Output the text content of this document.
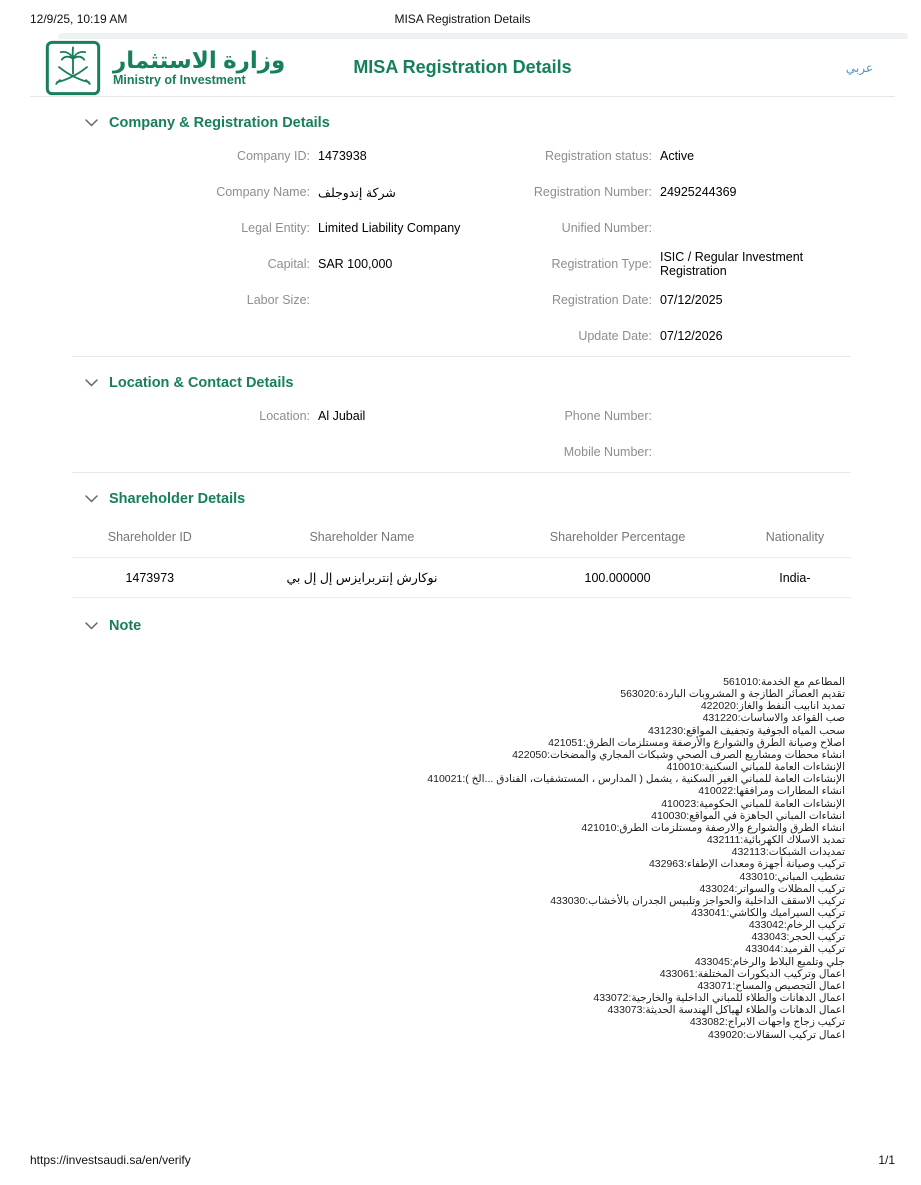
12/9/25, 10:19 AM	MISA Registration Details
وزارة الاستثمار
Ministry of Investment
MISA Registration Details	عربي
Company & Registration Details
Company ID: 1473938
Company Name: شركة إندوجلف
Legal Entity: Limited Liability Company
Capital: SAR 100,000
Labor Size:
Registration status: Active
Registration Number: 24925244369
Unified Number:
Registration Type: ISIC / Regular Investment Registration
Registration Date: 07/12/2025
Update Date: 07/12/2026
Location & Contact Details
Location: Al Jubail	Phone Number:
Mobile Number:
Shareholder Details
Shareholder ID	Shareholder Name	Shareholder Percentage	Nationality
1473973	نوكارش إنتربرايزس إل إل بي	100.000000	India-
Note
المطاعم مع الخدمة:561010
تقديم العصائر الطازجة و المشروبات الباردة:563020
تمديد انابيب النفط والغاز:422020
صب القواعد والاساسات:431220
سحب المياه الجوفية وتجفيف المواقع:431230
اصلاح وصيانة الطرق والشوارع والأرصفة ومستلزمات الطرق:421051
انشاء محطات ومشاريع الصرف الصحي وشبكات المجاري والمضخات:422050
الإنشاءات العامة للمباني السكنية:410010
الإنشاءات العامة للمباني الغير السكنية ، يشمل ( المدارس ، المستشفيات، الفنادق ...الخ ):410021
انشاء المطارات ومرافقها:410022
الإنشاءات العامة للمباني الحكومية:410023
انشاءات المباني الجاهزة في المواقع:410030
انشاء الطرق والشوارع والارصفة ومستلزمات الطرق:421010
تمديد الاسلاك الكهربائية:432111
تمديدات الشبكات:432113
تركيب وصيانة أجهزة ومعدات الإطفاء:432963
تشطيب المباني:433010
تركيب المظلات والسواتر:433024
تركيب الاسقف الداخلية والحواجز وتلبيس الجدران بالأخشاب:433030
تركيب السيراميك والكاشي:433041
تركيب الرخام:433042
تركيب الحجر:433043
تركيب القرميد:433044
جلي وتلميع البلاط والرخام:433045
اعمال وتركيب الديكورات المختلفة:433061
اعمال التجصيص والمساح:433071
اعمال الدهانات والطلاء للمباني الداخلية والخارجية:433072
اعمال الدهانات والطلاء لهياكل الهندسة الحديثة:433073
تركيب زجاج واجهات الابراج:433082
اعمال تركيب السقالات:439020
https://investsaudi.sa/en/verify	1/1
